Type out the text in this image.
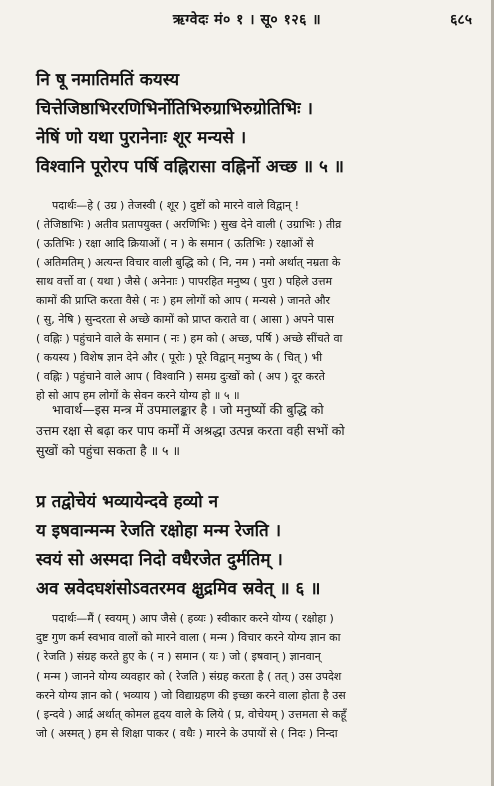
ऋग्वेदः मं० १ । सू० १२६ ॥	६८५
नि षू नमातिमतिं कयस्य
चित्तेजिष्ठाभिररणिभिर्नोतिभिरुग्राभिरुग्रोतिभिः ।
नेषिं णो यथा पुरानेनाः शूर मन्यसे ।
विश्वानि पूरोरप पर्षि वह्निरासा वह्निर्नो अच्छ ॥ ५ ॥
पदार्थः—हे ( उग्र ) तेजस्वी ( शूर ) दुष्टों को मारने वाले विद्वान् !
( तेजिष्ठाभिः ) अतीव प्रतापयुक्त ( अरणिभिः ) सुख देने वाली ( उग्राभिः ) तीव्र
( ऊतिभिः ) रक्षा आदि क्रियाओं ( न ) के समान ( ऊतिभिः ) रक्षाओं से
( अतिमतिम् ) अत्यन्त विचार वाली बुद्धि को ( नि, नम ) नमो अर्थात् नम्रता के
साथ वर्त्तो वा ( यथा ) जैसे ( अनेनाः ) पापरहित मनुष्य ( पुरा ) पहिले उत्तम
कामों की प्राप्ति करता वैसे ( नः ) हम लोगों को आप ( मन्यसे ) जानते और
( सु, नेषि ) सुन्दरता से अच्छे कामों को प्राप्त कराते वा ( आसा ) अपने पास
( वह्निः ) पहुंचाने वाले के समान ( नः ) हम को ( अच्छ, पर्षि ) अच्छे सींचते वा
( कयस्य ) विशेष ज्ञान देने और ( पूरोः ) पूरे विद्वान् मनुष्य के ( चित् ) भी
( वह्निः ) पहुंचाने वाले आप ( विश्वानि ) समग्र दुःखों को ( अप ) दूर करते
हो सो आप हम लोगों के सेवन करने योग्य हो ॥ ५ ॥
भावार्थ—इस मन्त्र में उपमालङ्कार है । जो मनुष्यों की बुद्धि को
उत्तम रक्षा से बढ़ा कर पाप कर्मों में अश्रद्धा उत्पन्न करता वही सभों को
सुखों को पहुंचा सकता है ॥ ५ ॥
प्र तद्वोचेयं भव्यायेन्दवे हव्यो न
य इषवान्मन्म रेजति रक्षोहा मन्म रेजति ।
स्वयं सो अस्मदा निदो वधैरजेत दुर्मतिम् ।
अव स्रवेदघशंसोऽवतरमव क्षुद्रमिव स्रवेत् ॥ ६ ॥
पदार्थः—मैं ( स्वयम् ) आप जैसे ( हव्यः ) स्वीकार करने योग्य ( रक्षोहा )
दुष्ट गुण कर्म स्वभाव वालों को मारने वाला ( मन्म ) विचार करने योग्य ज्ञान का
( रेजति ) संग्रह करते हुए के ( न ) समान ( यः ) जो ( इषवान् ) ज्ञानवान्
( मन्म ) जानने योग्य व्यवहार को ( रेजति ) संग्रह करता है ( तत् ) उस उपदेश
करने योग्य ज्ञान को ( भव्याय ) जो विद्याग्रहण की इच्छा करने वाला होता है उस
( इन्दवे ) आर्द्र अर्थात् कोमल हृदय वाले के लिये ( प्र, वोचेयम् ) उत्तमता से कहूँ
जो ( अस्मत् ) हम से शिक्षा पाकर ( वधैः ) मारने के उपायों से ( निदः ) निन्दा
